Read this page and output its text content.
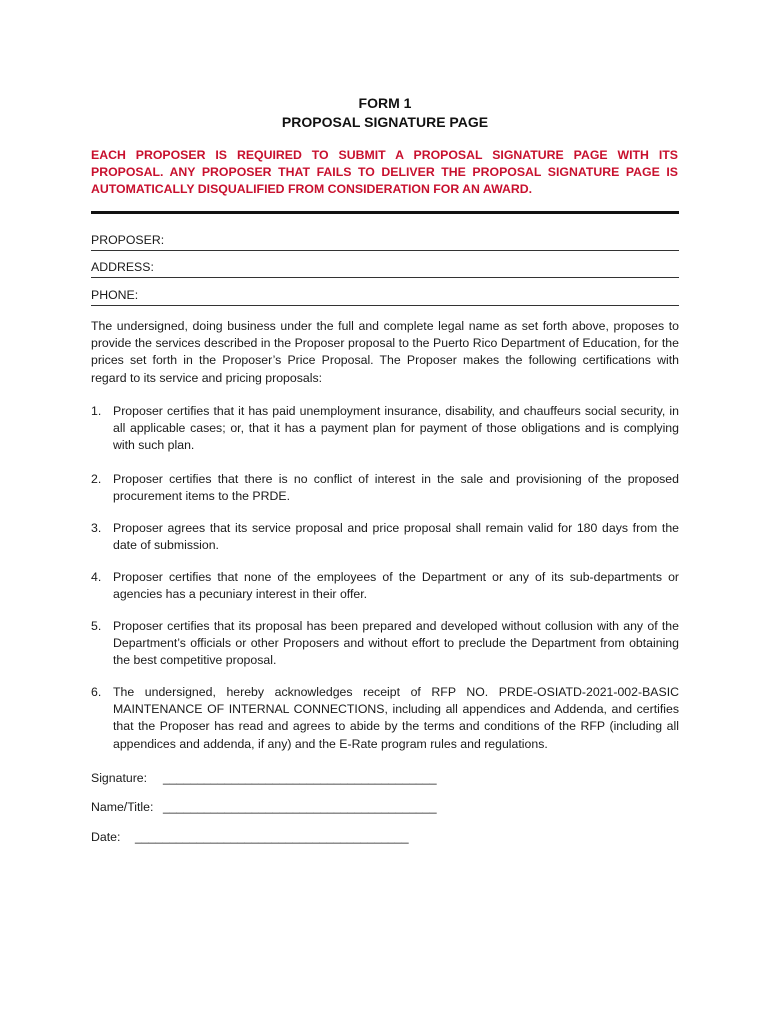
FORM 1
PROPOSAL SIGNATURE PAGE

EACH PROPOSER IS REQUIRED TO SUBMIT A PROPOSAL SIGNATURE PAGE WITH ITS PROPOSAL. ANY PROPOSER THAT FAILS TO DELIVER THE PROPOSAL SIGNATURE PAGE IS AUTOMATICALLY DISQUALIFIED FROM CONSIDERATION FOR AN AWARD.

PROPOSER:
ADDRESS:
PHONE:

The undersigned, doing business under the full and complete legal name as set forth above, proposes to provide the services described in the Proposer proposal to the Puerto Rico Department of Education, for the prices set forth in the Proposer’s Price Proposal. The Proposer makes the following certifications with regard to its service and pricing proposals:

1. Proposer certifies that it has paid unemployment insurance, disability, and chauffeurs social security, in all applicable cases; or, that it has a payment plan for payment of those obligations and is complying with such plan.

2. Proposer certifies that there is no conflict of interest in the sale and provisioning of the proposed procurement items to the PRDE.

3. Proposer agrees that its service proposal and price proposal shall remain valid for 180 days from the date of submission.

4. Proposer certifies that none of the employees of the Department or any of its sub-departments or agencies has a pecuniary interest in their offer.

5. Proposer certifies that its proposal has been prepared and developed without collusion with any of the Department’s officials or other Proposers and without effort to preclude the Department from obtaining the best competitive proposal.

6. The undersigned, hereby acknowledges receipt of RFP NO. PRDE-OSIATD-2021-002-BASIC MAINTENANCE OF INTERNAL CONNECTIONS, including all appendices and Addenda, and certifies that the Proposer has read and agrees to abide by the terms and conditions of the RFP (including all appendices and addenda, if any) and the E-Rate program rules and regulations.

Signature: ________________________________________
Name/Title: ________________________________________
Date: ________________________________________
